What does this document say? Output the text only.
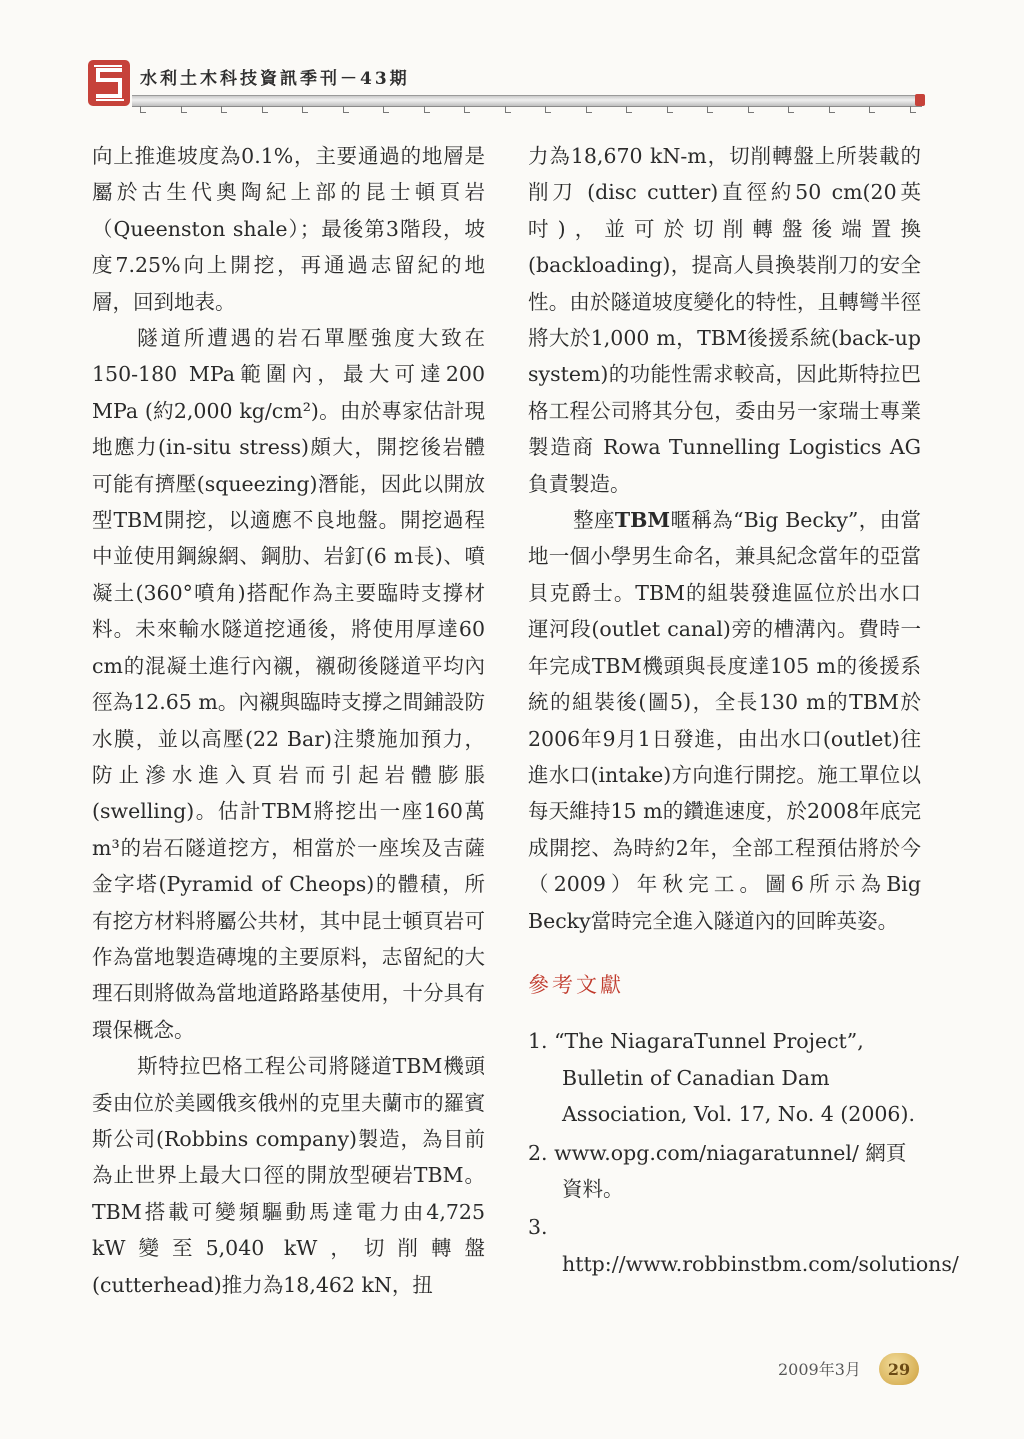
水利土木科技資訊季刊－43期

向上推進坡度為0.1%，主要通過的地層是屬於古生代奧陶紀上部的昆士頓頁岩（Queenston shale）；最後第3階段，坡度7.25%向上開挖，再通過志留紀的地層，回到地表。

隧道所遭遇的岩石單壓強度大致在150-180 MPa範圍內，最大可達200 MPa (約2,000 kg/cm²)。由於專家估計現地應力(in-situ stress)頗大，開挖後岩體可能有擠壓(squeezing)潛能，因此以開放型TBM開挖，以適應不良地盤。開挖過程中並使用鋼線網、鋼肋、岩釘(6 m長)、噴凝土(360°噴角)搭配作為主要臨時支撐材料。未來輸水隧道挖通後，將使用厚達60 cm的混凝土進行內襯，襯砌後隧道平均內徑為12.65 m。內襯與臨時支撐之間鋪設防水膜，並以高壓(22 Bar)注漿施加預力，防止滲水進入頁岩而引起岩體膨脹(swelling)。估計TBM將挖出一座160萬m³的岩石隧道挖方，相當於一座埃及吉薩金字塔(Pyramid of Cheops)的體積，所有挖方材料將屬公共材，其中昆士頓頁岩可作為當地製造磚塊的主要原料，志留紀的大理石則將做為當地道路路基使用，十分具有環保概念。

斯特拉巴格工程公司將隧道TBM機頭委由位於美國俄亥俄州的克里夫蘭市的羅賓斯公司(Robbins company)製造，為目前為止世界上最大口徑的開放型硬岩TBM。TBM搭載可變頻驅動馬達電力由4,725 kW變至5,040 kW，切削轉盤(cutterhead)推力為18,462 kN，扭

力為18,670 kN-m，切削轉盤上所裝載的削刀 (disc cutter)直徑約50 cm(20英吋)，並可於切削轉盤後端置換(backloading)，提高人員換裝削刀的安全性。由於隧道坡度變化的特性，且轉彎半徑將大於1,000 m，TBM後援系統(back-up system)的功能性需求較高，因此斯特拉巴格工程公司將其分包，委由另一家瑞士專業製造商 Rowa Tunnelling Logistics AG負責製造。

整座TBM暱稱為“Big Becky”，由當地一個小學男生命名，兼具紀念當年的亞當貝克爵士。TBM的組裝發進區位於出水口運河段(outlet canal)旁的槽溝內。費時一年完成TBM機頭與長度達105 m的後援系統的組裝後(圖5)，全長130 m的TBM於2006年9月1日發進，由出水口(outlet)往進水口(intake)方向進行開挖。施工單位以每天維持15 m的鑽進速度，於2008年底完成開挖、為時約2年，全部工程預估將於今（2009）年秋完工。圖6所示為Big Becky當時完全進入隧道內的回眸英姿。

參考文獻
1. “The NiagaraTunnel Project”, Bulletin of Canadian Dam Association, Vol. 17, No. 4 (2006).
2. www.opg.com/niagaratunnel/ 網頁資料。
3. http://www.robbinstbm.com/solutions/
2009年3月	29
